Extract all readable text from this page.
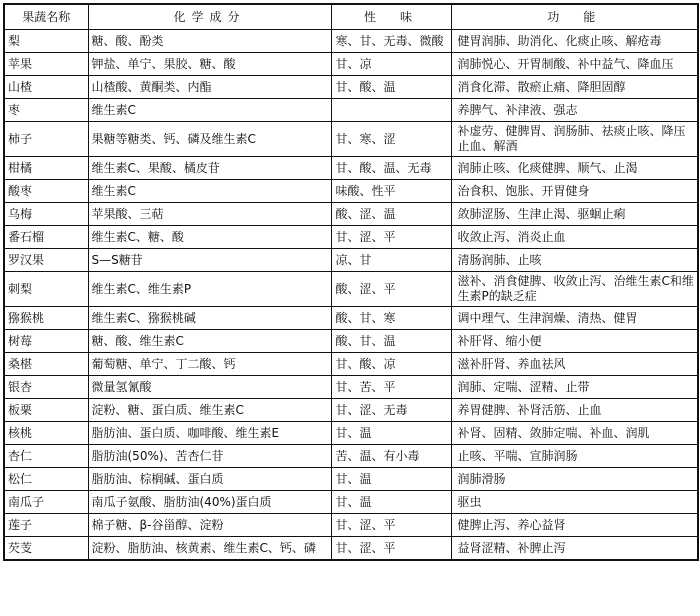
果蔬名称	化学成分	性　味	功　能
梨	糖、酸、酚类	寒、甘、无毒、微酸	健胃润肺、助消化、化痰止咳、解疮毒
苹果	钾盐、单宁、果胶、糖、酸	甘、凉	润肺悦心、开胃制酸、补中益气、降血压
山楂	山楂酸、黄酮类、内酯	甘、酸、温	消食化滞、散瘀止痛、降胆固醇
枣	维生素C		养脾气、补津液、强志
柿子	果糖等糖类、钙、磷及维生素C	甘、寒、涩	补虚劳、健脾胃、润肠肺、祛痰止咳、降压止血、解酒
柑橘	维生素C、果酸、橘皮苷	甘、酸、温、无毒	润肺止咳、化痰健脾、顺气、止渴
酸枣	维生素C	味酸、性平	治食积、饱胀、开胃健身
乌梅	苹果酸、三萜	酸、涩、温	敛肺涩肠、生津止渴、驱蛔止痢
番石榴	维生素C、糖、酸	甘、涩、平	收敛止泻、消炎止血
罗汉果	S—S糖苷	凉、甘	清肠润肺、止咳
刺梨	维生素C、维生素P	酸、涩、平	滋补、消食健脾、收敛止泻、治维生素C和维生素P的缺乏症
猕猴桃	维生素C、猕猴桃碱	酸、甘、寒	调中理气、生津润燥、清热、健胃
树莓	糖、酸、维生素C	酸、甘、温	补肝肾、缩小便
桑椹	葡萄糖、单宁、丁二酸、钙	甘、酸、凉	滋补肝肾、养血祛风
银杏	微量氢氰酸	甘、苦、平	润肺、定喘、涩精、止带
板栗	淀粉、糖、蛋白质、维生素C	甘、涩、无毒	养胃健脾、补肾活筋、止血
核桃	脂肪油、蛋白质、咖啡酸、维生素E	甘、温	补肾、固精、敛肺定喘、补血、润肌
杏仁	脂肪油(50%)、苦杏仁苷	苦、温、有小毒	止咳、平喘、宣肺润肠
松仁	脂肪油、棕榈碱、蛋白质	甘、温	润肺滑肠
南瓜子	南瓜子氨酸、脂肪油(40%)蛋白质	甘、温	驱虫
莲子	棉子糖、β-谷甾醇、淀粉	甘、涩、平	健脾止泻、养心益肾
芡芰	淀粉、脂肪油、核黄素、维生素C、钙、磷	甘、涩、平	益肾涩精、补脾止泻
